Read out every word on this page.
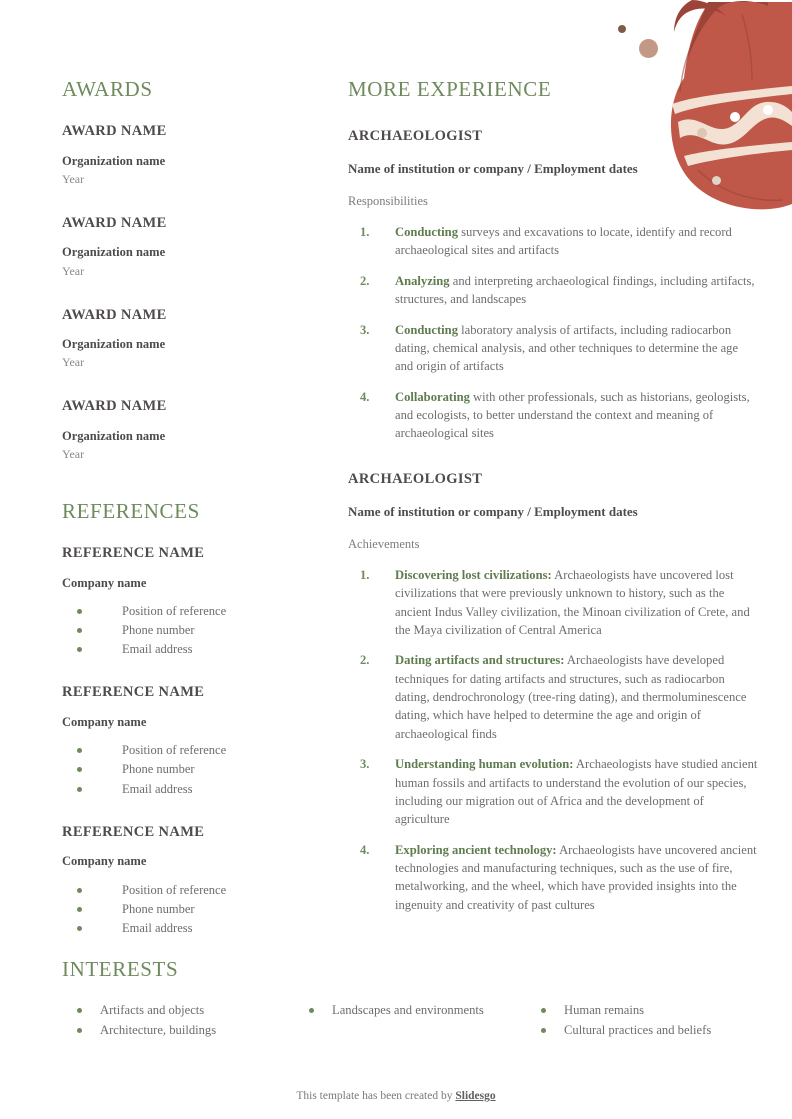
AWARDS
AWARD NAME

Organization name

Year

AWARD NAME

Organization name

Year

AWARD NAME

Organization name

Year

AWARD NAME

Organization name

Year

REFERENCES
REFERENCE NAME

Company name

Position of reference
Phone number
Email address
REFERENCE NAME

Company name

Position of reference
Phone number
Email address
REFERENCE NAME

Company name

Position of reference
Phone number
Email address
MORE EXPERIENCE
ARCHAEOLOGIST

Name of institution or company / Employment dates

Responsibilities

1. Conducting surveys and excavations to locate, identify and record archaeological sites and artifacts
2. Analyzing and interpreting archaeological findings, including artifacts, structures, and landscapes
3. Conducting laboratory analysis of artifacts, including radiocarbon dating, chemical analysis, and other techniques to determine the age and origin of artifacts
4. Collaborating with other professionals, such as historians, geologists, and ecologists, to better understand the context and meaning of archaeological sites
ARCHAEOLOGIST

Name of institution or company / Employment dates

Achievements

1. Discovering lost civilizations: Archaeologists have uncovered lost civilizations that were previously unknown to history, such as the ancient Indus Valley civilization, the Minoan civilization of Crete, and the Maya civilization of Central America
2. Dating artifacts and structures: Archaeologists have developed techniques for dating artifacts and structures, such as radiocarbon dating, dendrochronology (tree-ring dating), and thermoluminescence dating, which have helped to determine the age and origin of archaeological finds
3. Understanding human evolution: Archaeologists have studied ancient human fossils and artifacts to understand the evolution of our species, including our migration out of Africa and the development of agriculture
4. Exploring ancient technology: Archaeologists have uncovered ancient technologies and manufacturing techniques, such as the use of fire, metalworking, and the wheel, which have provided insights into the ingenuity and creativity of past cultures
INTERESTS
Artifacts and objects
Architecture, buildings
Landscapes and environments	Human remains
Cultural practices and beliefs
This template has been created by Slidesgo
